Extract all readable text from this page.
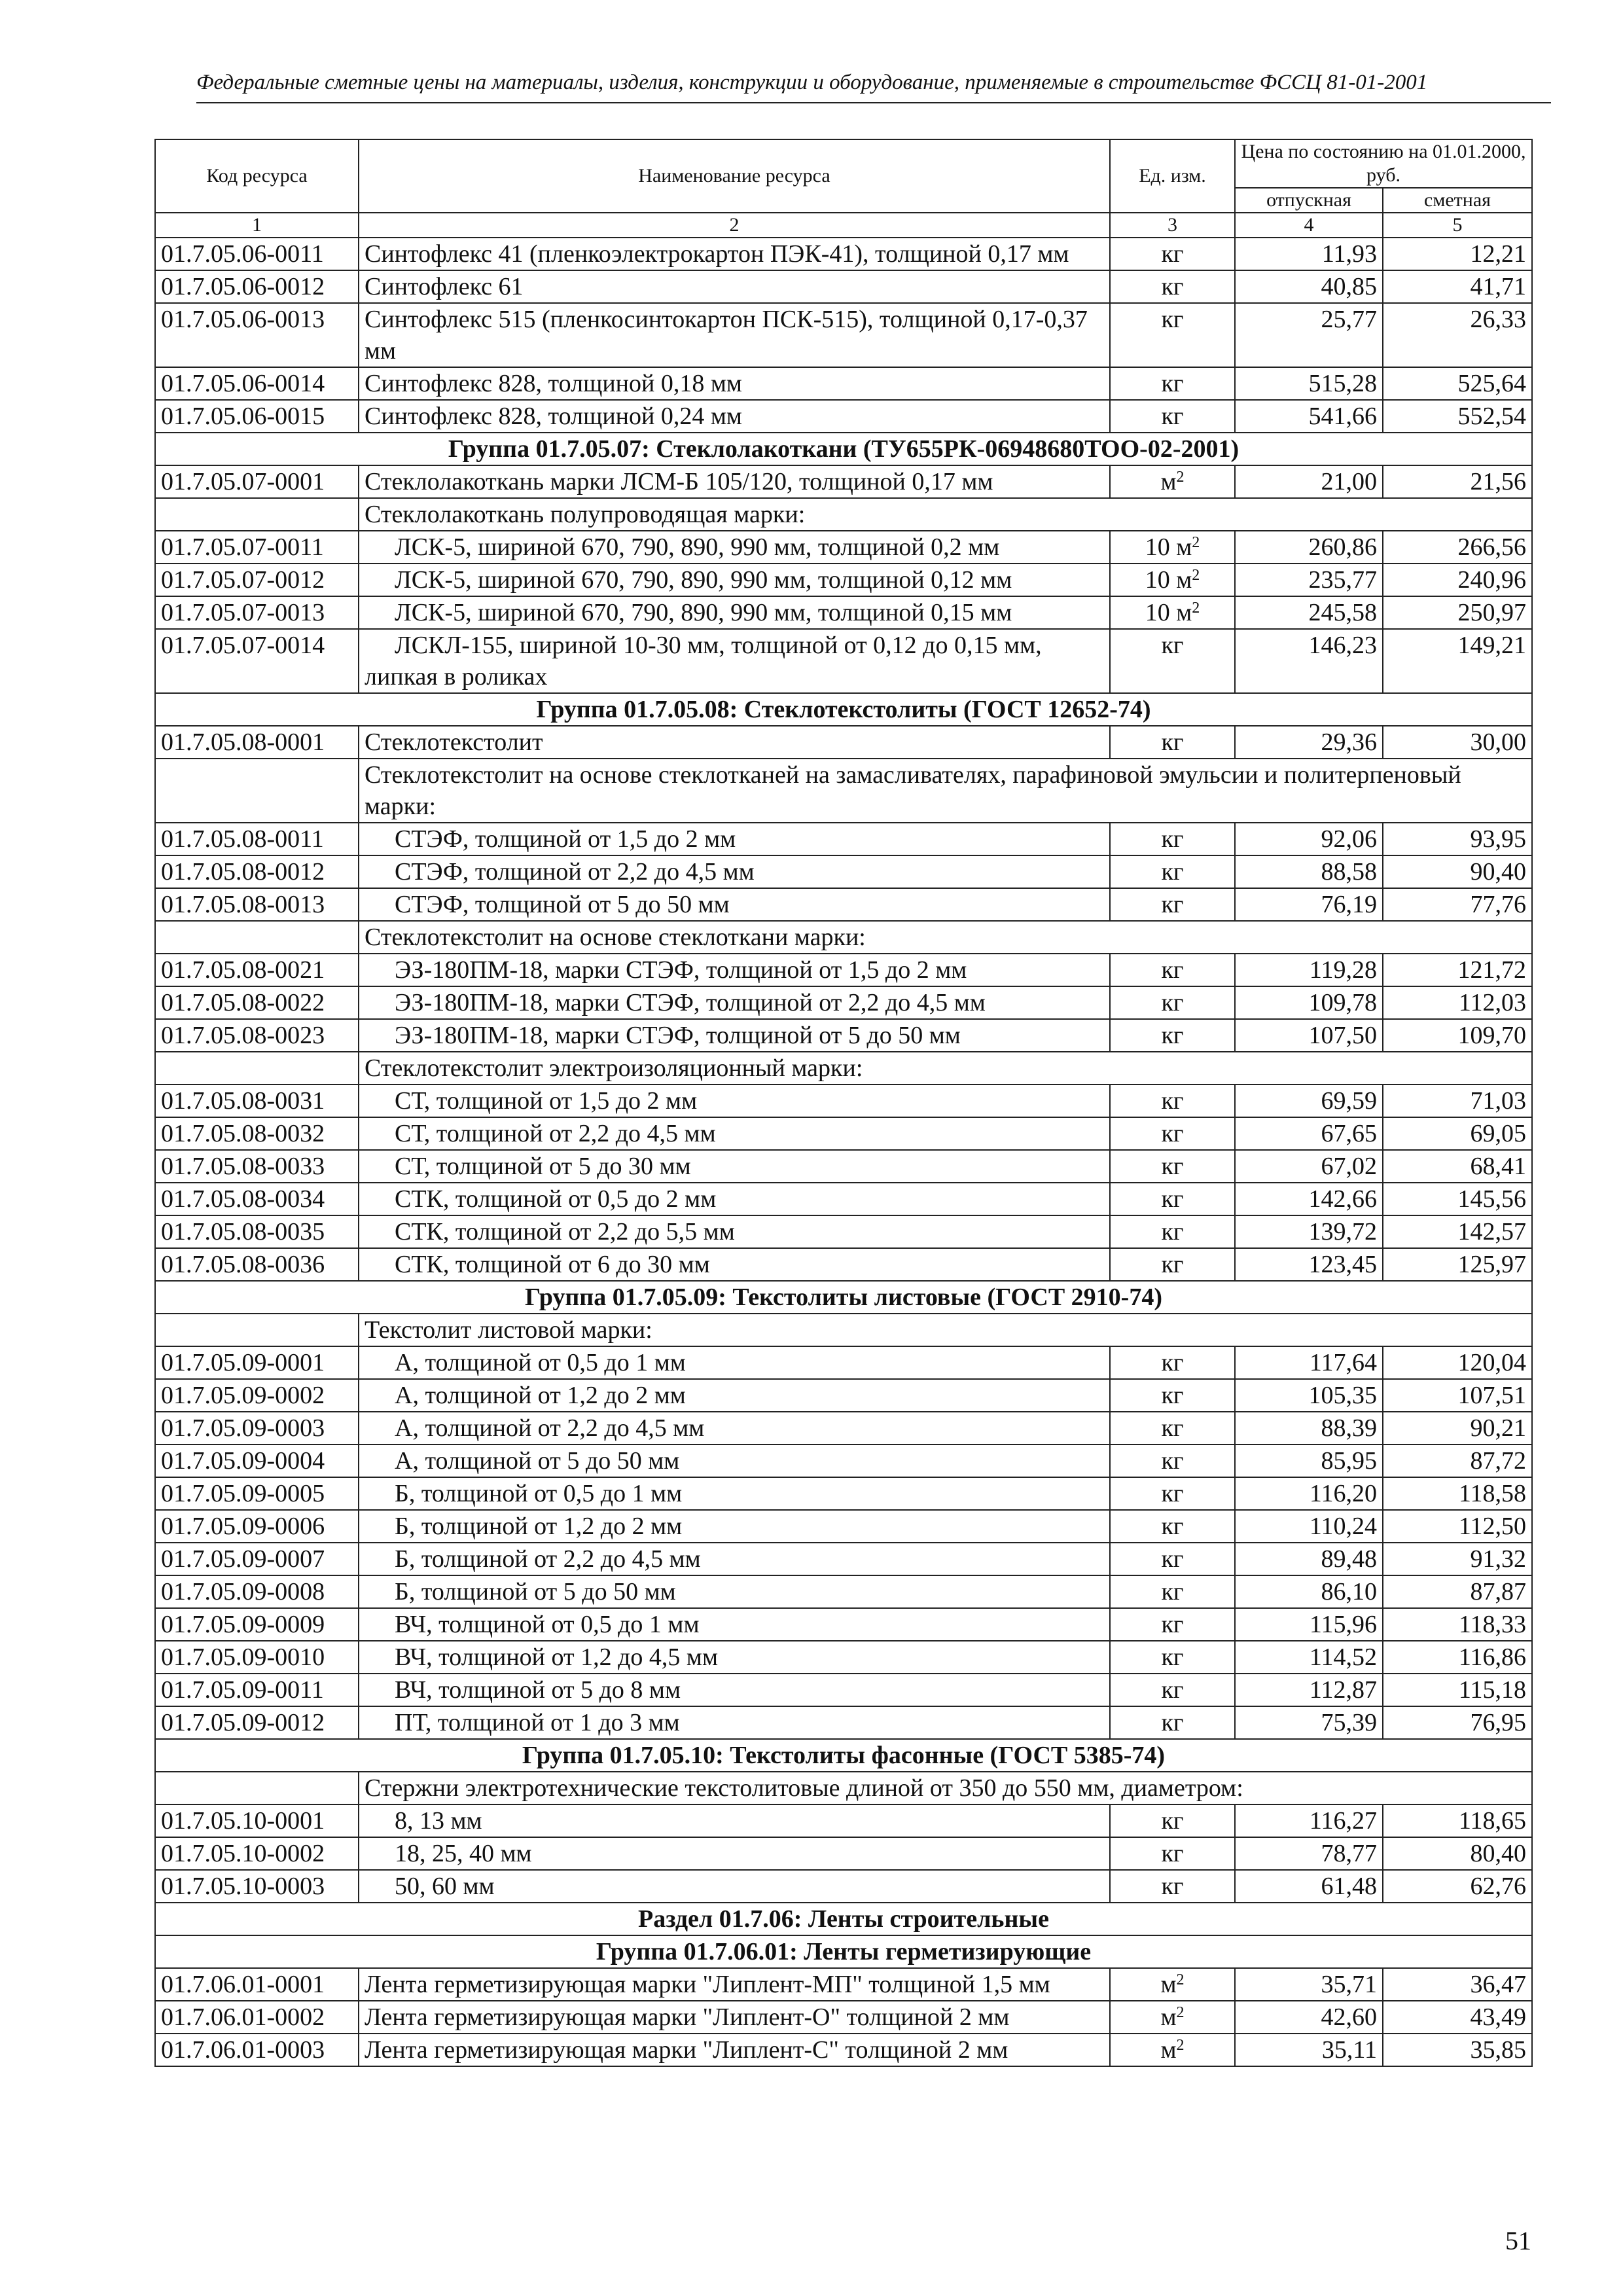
Федеральные сметные цены на материалы, изделия, конструкции и оборудование, применяемые в строительстве ФССЦ 81-01-2001
Код ресурса	Наименование ресурса	Ед. изм.	Цена по состоянию на 01.01.2000, руб.	
			отпускная	сметная
1	2	3	4	5
01.7.05.06-0011	Синтофлекс 41 (пленкоэлектрокартон ПЭК-41), толщиной 0,17 мм	кг	11,93	12,21
01.7.05.06-0012	Синтофлекс 61	кг	40,85	41,71
01.7.05.06-0013	Синтофлекс 515 (пленкосинтокартон ПСК-515), толщиной 0,17-0,37 мм	кг	25,77	26,33
01.7.05.06-0014	Синтофлекс 828, толщиной 0,18 мм	кг	515,28	525,64
01.7.05.06-0015	Синтофлекс 828, толщиной 0,24 мм	кг	541,66	552,54
Группа 01.7.05.07: Стеклолакоткани (ТУ655РК-06948680ТОО-02-2001)				
01.7.05.07-0001	Стеклолакоткань марки ЛСМ-Б 105/120, толщиной 0,17 мм	$м^2$	21,00	21,56
	Стеклолакоткань полупроводящая марки:			
01.7.05.07-0011	ЛСК-5, шириной 670, 790, 890, 990 мм, толщиной 0,2 мм	10 $м^2$	260,86	266,56
01.7.05.07-0012	ЛСК-5, шириной 670, 790, 890, 990 мм, толщиной 0,12 мм	10 $м^2$	235,77	240,96
01.7.05.07-0013	ЛСК-5, шириной 670, 790, 890, 990 мм, толщиной 0,15 мм	10 $м^2$	245,58	250,97
01.7.05.07-0014	ЛСКЛ-155, шириной 10-30 мм, толщиной от 0,12 до 0,15 мм, липкая в роликах	кг	146,23	149,21
Группа 01.7.05.08: Стеклотекстолиты (ГОСТ 12652-74)				
01.7.05.08-0001	Стеклотекстолит	кг	29,36	30,00
	Стеклотекстолит на основе стеклотканей на замасливателях, парафиновой эмульсии и политерпеновый марки:			
01.7.05.08-0011	СТЭФ, толщиной от 1,5 до 2 мм	кг	92,06	93,95
01.7.05.08-0012	СТЭФ, толщиной от 2,2 до 4,5 мм	кг	88,58	90,40
01.7.05.08-0013	СТЭФ, толщиной от 5 до 50 мм	кг	76,19	77,76
	Стеклотекстолит на основе стеклоткани марки:			
01.7.05.08-0021	ЭЗ-180ПМ-18, марки СТЭФ, толщиной от 1,5 до 2 мм	кг	119,28	121,72
01.7.05.08-0022	ЭЗ-180ПМ-18, марки СТЭФ, толщиной от 2,2 до 4,5 мм	кг	109,78	112,03
01.7.05.08-0023	ЭЗ-180ПМ-18, марки СТЭФ, толщиной от 5 до 50 мм	кг	107,50	109,70
	Стеклотекстолит электроизоляционный марки:			
01.7.05.08-0031	СТ, толщиной от 1,5 до 2 мм	кг	69,59	71,03
01.7.05.08-0032	СТ, толщиной от 2,2 до 4,5 мм	кг	67,65	69,05
01.7.05.08-0033	СТ, толщиной от 5 до 30 мм	кг	67,02	68,41
01.7.05.08-0034	СТК, толщиной от 0,5 до 2 мм	кг	142,66	145,56
01.7.05.08-0035	СТК, толщиной от 2,2 до 5,5 мм	кг	139,72	142,57
01.7.05.08-0036	СТК, толщиной от 6 до 30 мм	кг	123,45	125,97
Группа 01.7.05.09: Текстолиты листовые (ГОСТ 2910-74)				
	Текстолит листовой марки:			
01.7.05.09-0001	А, толщиной от 0,5 до 1 мм	кг	117,64	120,04
01.7.05.09-0002	А, толщиной от 1,2 до 2 мм	кг	105,35	107,51
01.7.05.09-0003	А, толщиной от 2,2 до 4,5 мм	кг	88,39	90,21
01.7.05.09-0004	А, толщиной от 5 до 50 мм	кг	85,95	87,72
01.7.05.09-0005	Б, толщиной от 0,5 до 1 мм	кг	116,20	118,58
01.7.05.09-0006	Б, толщиной от 1,2 до 2 мм	кг	110,24	112,50
01.7.05.09-0007	Б, толщиной от 2,2 до 4,5 мм	кг	89,48	91,32
01.7.05.09-0008	Б, толщиной от 5 до 50 мм	кг	86,10	87,87
01.7.05.09-0009	ВЧ, толщиной от 0,5 до 1 мм	кг	115,96	118,33
01.7.05.09-0010	ВЧ, толщиной от 1,2 до 4,5 мм	кг	114,52	116,86
01.7.05.09-0011	ВЧ, толщиной от 5 до 8 мм	кг	112,87	115,18
01.7.05.09-0012	ПТ, толщиной от 1 до 3 мм	кг	75,39	76,95
Группа 01.7.05.10: Текстолиты фасонные (ГОСТ 5385-74)				
	Стержни электротехнические текстолитовые длиной от 350 до 550 мм, диаметром:			
01.7.05.10-0001	8, 13 мм	кг	116,27	118,65
01.7.05.10-0002	18, 25, 40 мм	кг	78,77	80,40
01.7.05.10-0003	50, 60 мм	кг	61,48	62,76
Раздел 01.7.06: Ленты строительные				
Группа 01.7.06.01: Ленты герметизирующие				
01.7.06.01-0001	Лента герметизирующая марки "Липлент-МП" толщиной 1,5 мм	$м^2$	35,71	36,47
01.7.06.01-0002	Лента герметизирующая марки "Липлент-О" толщиной 2 мм	$м^2$	42,60	43,49
01.7.06.01-0003	Лента герметизирующая марки "Липлент-С" толщиной 2 мм	$м^2$	35,11	35,85
51
